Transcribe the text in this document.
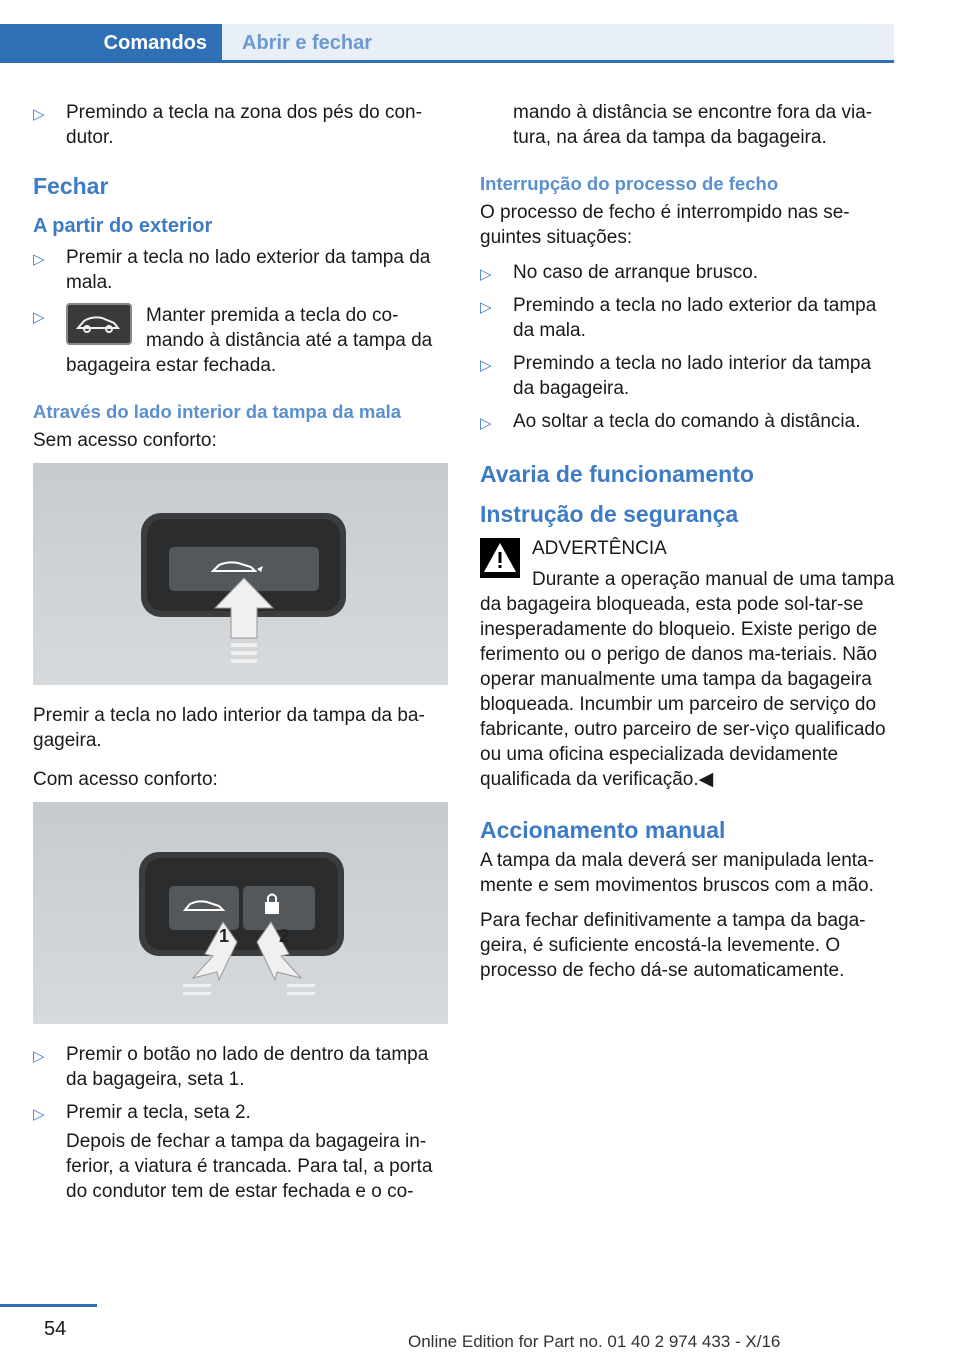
Comandos	Abrir e fechar
▷ Premindo a tecla na zona dos pés do con‐dutor.
Fechar
A partir do exterior
▷ Premir a tecla no lado exterior da tampa da mala.
▷	Manter premida a tecla do co‐mando à distância até a tampa da bagageira estar fechada.
Através do lado interior da tampa da mala

Sem acesso conforto:

Premir a tecla no lado interior da tampa da ba‐gageira.

Com acesso conforto:

1	2
▷ Premir o botão no lado de dentro da tampa da bagageira, seta 1.
▷ Premir a tecla, seta 2.

Depois de fechar a tampa da bagageira in‐ferior, a viatura é trancada. Para tal, a porta do condutor tem de estar fechada e o co‐

mando à distância se encontre fora da via‐tura, na área da tampa da bagageira.

Interrupção do processo de fecho

O processo de fecho é interrompido nas se‐guintes situações:

▷ No caso de arranque brusco.
▷ Premindo a tecla no lado exterior da tampa da mala.
▷ Premindo a tecla no lado interior da tampa da bagageira.
▷ Ao soltar a tecla do comando à distância.
Avaria de funcionamento
Instrução de segurança
ADVERTÊNCIA

Durante a operação manual de uma tampa da bagageira bloqueada, esta pode sol‐tar-se inesperadamente do bloqueio. Existe perigo de ferimento ou o perigo de danos ma‐teriais. Não operar manualmente uma tampa da bagageira bloqueada. Incumbir um parceiro de serviço do fabricante, outro parceiro de ser‐viço qualificado ou uma oficina especializada devidamente qualificada da verificação.◀

Accionamento manual

A tampa da mala deverá ser manipulada lenta‐mente e sem movimentos bruscos com a mão.

Para fechar definitivamente a tampa da baga‐geira, é suficiente encostá-la levemente. O processo de fecho dá-se automaticamente.

54
Online Edition for Part no. 01 40 2 974 433 - X/16
